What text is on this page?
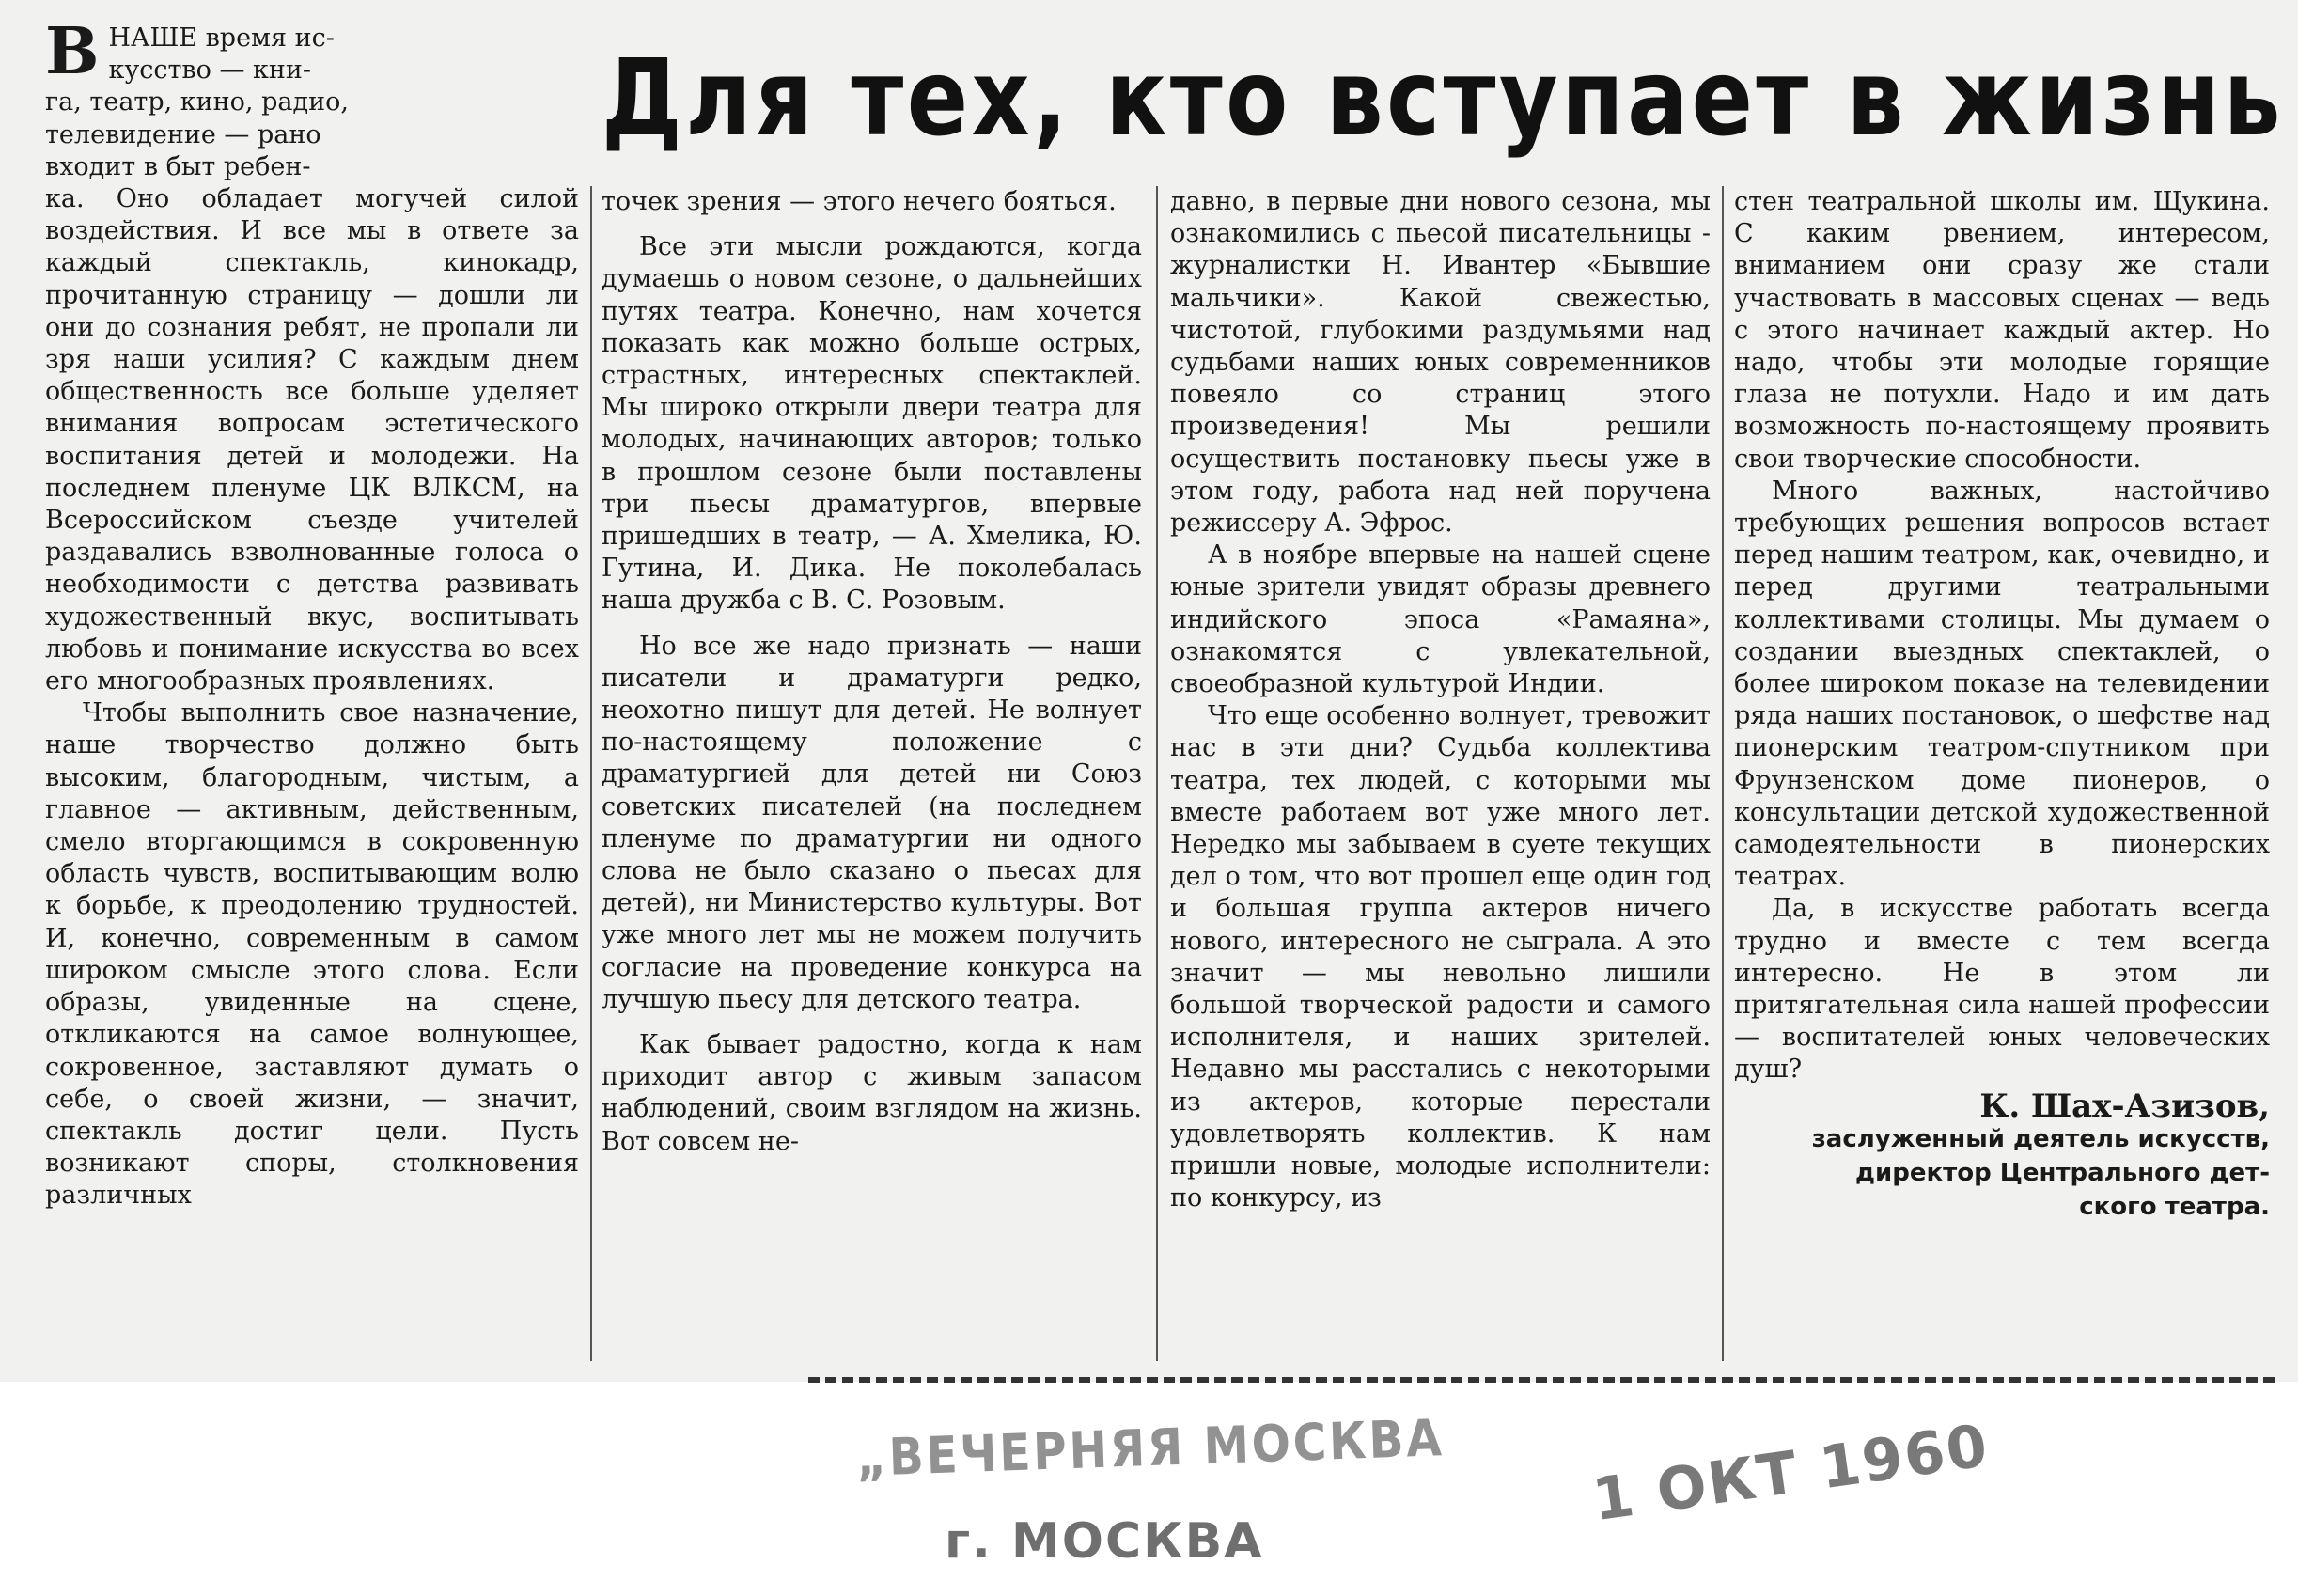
Для тех, кто вступает в жизнь
В НАШЕ время ис-
кусство — кни-

га, театр, кино, радио,
телевидение — рано
входит в быт ребен-

ка. Оно обладает могучей силой воздействия. И все мы в ответе за каждый спектакль, кинокадр, прочитанную страницу — дошли ли они до сознания ребят, не пропали ли зря наши усилия? С каждым днем общественность все больше уделяет внимания вопросам эстетического воспитания детей и молодежи. На последнем пленуме ЦК ВЛКСМ, на Всероссийском съезде учителей раздавались взволнованные голоса о необходимости с детства развивать художественный вкус, воспитывать любовь и понимание искусства во всех его многообразных проявлениях.

Чтобы выполнить свое назначение, наше творчество должно быть высоким, благородным, чистым, а главное — активным, действенным, смело вторгающимся в сокровенную область чувств, воспитывающим волю к борьбе, к преодолению трудностей. И, конечно, современным в самом широком смысле этого слова. Если образы, увиденные на сцене, откликаются на самое волнующее, сокровенное, заставляют думать о себе, о своей жизни, — значит, спектакль достиг цели. Пусть возникают споры, столкновения различных

точек зрения — этого нечего бояться.

Все эти мысли рождаются, когда думаешь о новом сезоне, о дальнейших путях театра. Конечно, нам хочется показать как можно больше острых, страстных, интересных спектаклей. Мы широко открыли двери театра для молодых, начинающих авторов; только в прошлом сезоне были поставлены три пьесы драматургов, впервые пришедших в театр, — А. Хмелика, Ю. Гутина, И. Дика. Не поколебалась наша дружба с В. С. Розовым.

Но все же надо признать — наши писатели и драматурги редко, неохотно пишут для детей. Не волнует по-настоящему положение с драматургией для детей ни Союз советских писателей (на последнем пленуме по драматургии ни одного слова не было сказано о пьесах для детей), ни Министерство культуры. Вот уже много лет мы не можем получить согласие на проведение конкурса на лучшую пьесу для детского театра.

Как бывает радостно, когда к нам приходит автор с живым запасом наблюдений, своим взглядом на жизнь. Вот совсем не-

давно, в первые дни нового сезона, мы ознакомились с пьесой писательницы - журналистки Н. Ивантер «Бывшие мальчики». Какой свежестью, чистотой, глубокими раздумьями над судьбами наших юных современников повеяло со страниц этого произведения! Мы решили осуществить постановку пьесы уже в этом году, работа над ней поручена режиссеру А. Эфрос.

А в ноябре впервые на нашей сцене юные зрители увидят образы древнего индийского эпоса «Рамаяна», ознакомятся с увлекательной, своеобразной культурой Индии.

Что еще особенно волнует, тревожит нас в эти дни? Судьба коллектива театра, тех людей, с которыми мы вместе работаем вот уже много лет. Нередко мы забываем в суете текущих дел о том, что вот прошел еще один год и большая группа актеров ничего нового, интересного не сыграла. А это значит — мы невольно лишили большой творческой радости и самого исполнителя, и наших зрителей. Недавно мы расстались с некоторыми из актеров, которые перестали удовлетворять коллектив. К нам пришли новые, молодые исполнители: по конкурсу, из

стен театральной школы им. Щукина. С каким рвением, интересом, вниманием они сразу же стали участвовать в массовых сценах — ведь с этого начинает каждый актер. Но надо, чтобы эти молодые горящие глаза не потухли. Надо и им дать возможность по-настоящему проявить свои творческие способности.

Много важных, настойчиво требующих решения вопросов встает перед нашим театром, как, очевидно, и перед другими театральными коллективами столицы. Мы думаем о создании выездных спектаклей, о более широком показе на телевидении ряда наших постановок, о шефстве над пионерским театром-спутником при Фрунзенском доме пионеров, о консультации детской художественной самодеятельности в пионерских театрах.

Да, в искусстве работать всегда трудно и вместе с тем всегда интересно. Не в этом ли притягательная сила нашей профессии — воспитателей юных человеческих душ?

К. Шах-Азизов,
заслуженный деятель искусств,
директор Центрального дет-
ского театра.
„ВЕЧЕРНЯЯ МОСКВА
г. МОСКВА
1 ОКТ 1960
